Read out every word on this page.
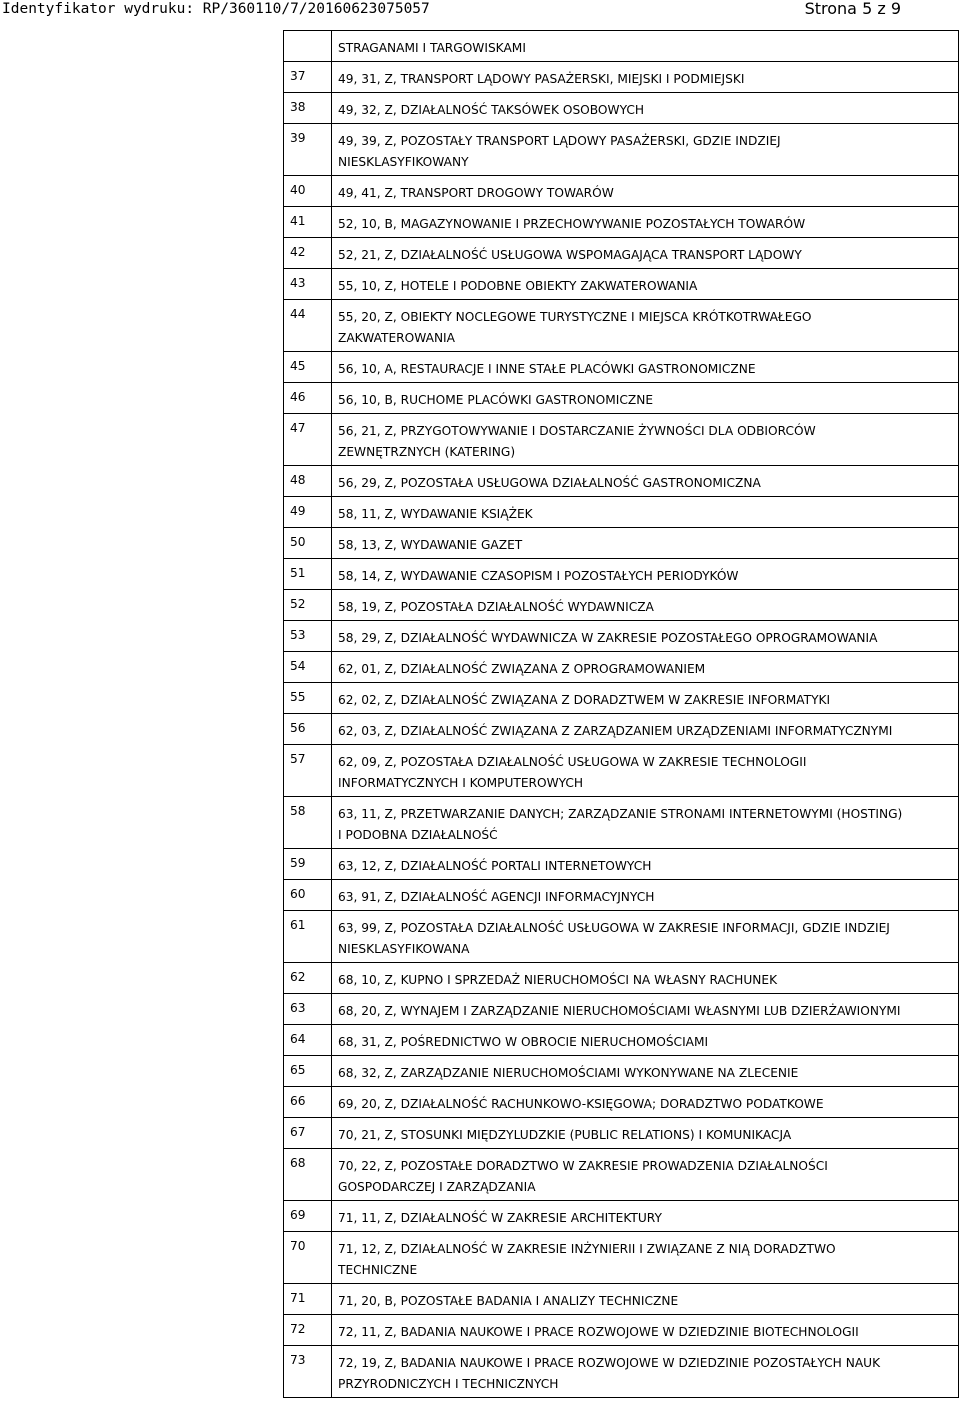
Identyfikator wydruku: RP/360110/7/20160623075057	Strona 5 z 9

	STRAGANAMI I TARGOWISKAMI

37	49, 31, Z, TRANSPORT LĄDOWY PASAŻERSKI, MIEJSKI I PODMIEJSKI

38	49, 32, Z, DZIAŁALNOŚĆ TAKSÓWEK OSOBOWYCH

39	49, 39, Z, POZOSTAŁY TRANSPORT LĄDOWY PASAŻERSKI, GDZIE INDZIEJ
NIESKLASYFIKOWANY

40	49, 41, Z, TRANSPORT DROGOWY TOWARÓW

41	52, 10, B, MAGAZYNOWANIE I PRZECHOWYWANIE POZOSTAŁYCH TOWARÓW

42	52, 21, Z, DZIAŁALNOŚĆ USŁUGOWA WSPOMAGAJĄCA TRANSPORT LĄDOWY

43	55, 10, Z, HOTELE I PODOBNE OBIEKTY ZAKWATEROWANIA

44	55, 20, Z, OBIEKTY NOCLEGOWE TURYSTYCZNE I MIEJSCA KRÓTKOTRWAŁEGO
ZAKWATEROWANIA

45	56, 10, A, RESTAURACJE I INNE STAŁE PLACÓWKI GASTRONOMICZNE

46	56, 10, B, RUCHOME PLACÓWKI GASTRONOMICZNE

47	56, 21, Z, PRZYGOTOWYWANIE I DOSTARCZANIE ŻYWNOŚCI DLA ODBIORCÓW
ZEWNĘTRZNYCH (KATERING)

48	56, 29, Z, POZOSTAŁA USŁUGOWA DZIAŁALNOŚĆ GASTRONOMICZNA

49	58, 11, Z, WYDAWANIE KSIĄŻEK

50	58, 13, Z, WYDAWANIE GAZET

51	58, 14, Z, WYDAWANIE CZASOPISM I POZOSTAŁYCH PERIODYKÓW

52	58, 19, Z, POZOSTAŁA DZIAŁALNOŚĆ WYDAWNICZA

53	58, 29, Z, DZIAŁALNOŚĆ WYDAWNICZA W ZAKRESIE POZOSTAŁEGO OPROGRAMOWANIA

54	62, 01, Z, DZIAŁALNOŚĆ ZWIĄZANA Z OPROGRAMOWANIEM

55	62, 02, Z, DZIAŁALNOŚĆ ZWIĄZANA Z DORADZTWEM W ZAKRESIE INFORMATYKI

56	62, 03, Z, DZIAŁALNOŚĆ ZWIĄZANA Z ZARZĄDZANIEM URZĄDZENIAMI INFORMATYCZNYMI

57	62, 09, Z, POZOSTAŁA DZIAŁALNOŚĆ USŁUGOWA W ZAKRESIE TECHNOLOGII
INFORMATYCZNYCH I KOMPUTEROWYCH

58	63, 11, Z, PRZETWARZANIE DANYCH; ZARZĄDZANIE STRONAMI INTERNETOWYMI (HOSTING)
I PODOBNA DZIAŁALNOŚĆ

59	63, 12, Z, DZIAŁALNOŚĆ PORTALI INTERNETOWYCH

60	63, 91, Z, DZIAŁALNOŚĆ AGENCJI INFORMACYJNYCH

61	63, 99, Z, POZOSTAŁA DZIAŁALNOŚĆ USŁUGOWA W ZAKRESIE INFORMACJI, GDZIE INDZIEJ
NIESKLASYFIKOWANA

62	68, 10, Z, KUPNO I SPRZEDAŻ NIERUCHOMOŚCI NA WŁASNY RACHUNEK

63	68, 20, Z, WYNAJEM I ZARZĄDZANIE NIERUCHOMOŚCIAMI WŁASNYMI LUB DZIERŻAWIONYMI

64	68, 31, Z, POŚREDNICTWO W OBROCIE NIERUCHOMOŚCIAMI

65	68, 32, Z, ZARZĄDZANIE NIERUCHOMOŚCIAMI WYKONYWANE NA ZLECENIE

66	69, 20, Z, DZIAŁALNOŚĆ RACHUNKOWO-KSIĘGOWA; DORADZTWO PODATKOWE

67	70, 21, Z, STOSUNKI MIĘDZYLUDZKIE (PUBLIC RELATIONS) I KOMUNIKACJA

68	70, 22, Z, POZOSTAŁE DORADZTWO W ZAKRESIE PROWADZENIA DZIAŁALNOŚCI
GOSPODARCZEJ I ZARZĄDZANIA

69	71, 11, Z, DZIAŁALNOŚĆ W ZAKRESIE ARCHITEKTURY

70	71, 12, Z, DZIAŁALNOŚĆ W ZAKRESIE INŻYNIERII I ZWIĄZANE Z NIĄ DORADZTWO
TECHNICZNE

71	71, 20, B, POZOSTAŁE BADANIA I ANALIZY TECHNICZNE

72	72, 11, Z, BADANIA NAUKOWE I PRACE ROZWOJOWE W DZIEDZINIE BIOTECHNOLOGII

73	72, 19, Z, BADANIA NAUKOWE I PRACE ROZWOJOWE W DZIEDZINIE POZOSTAŁYCH NAUK
PRZYRODNICZYCH I TECHNICZNYCH
